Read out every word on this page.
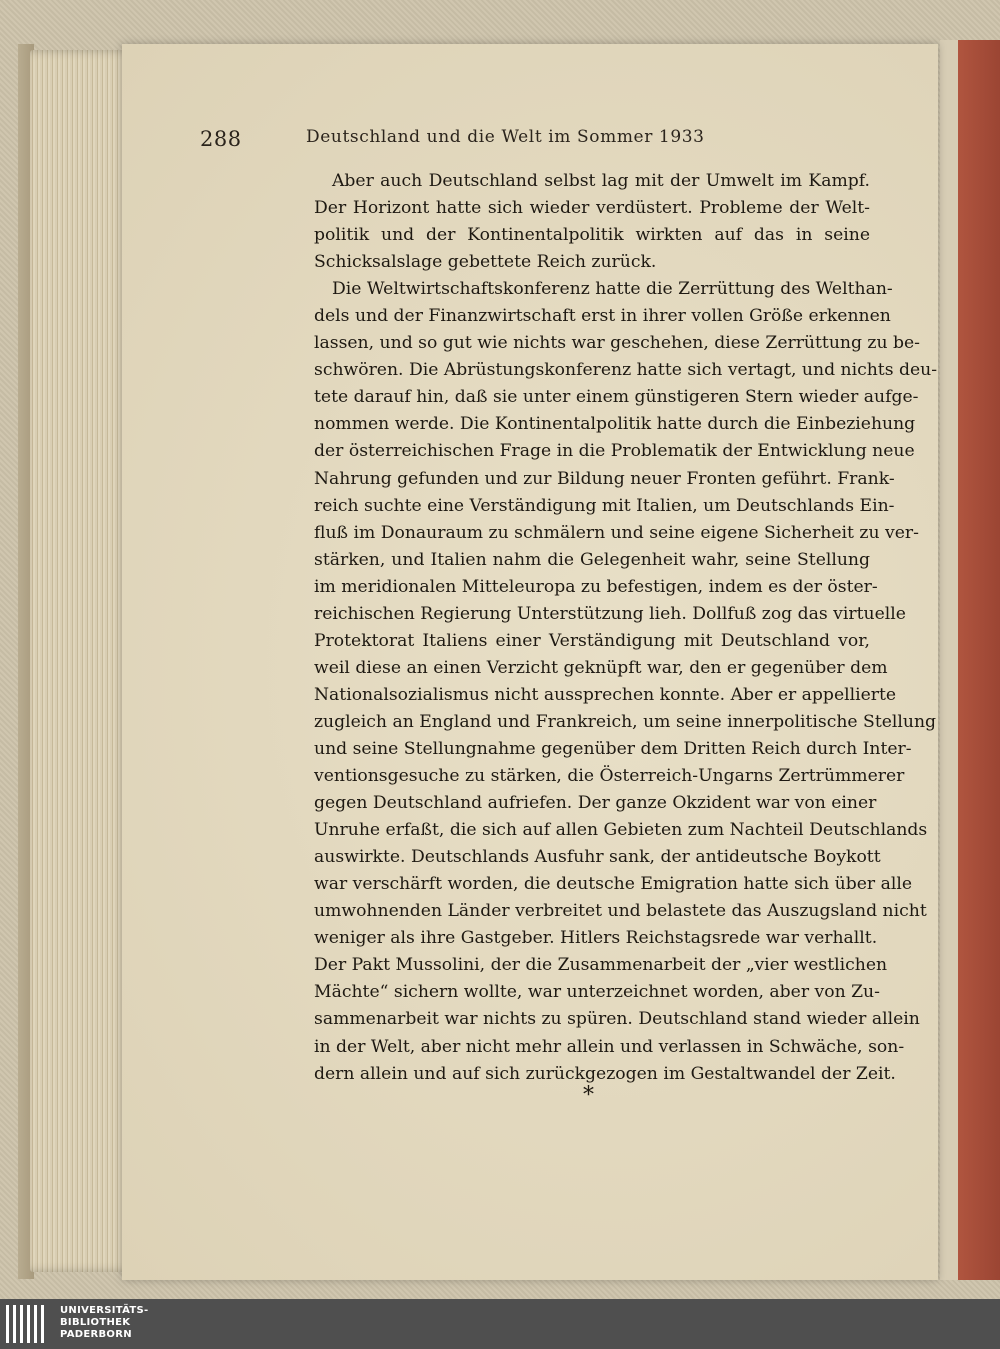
288	Deutschland und die Welt im Sommer 1933
Aber auch Deutschland selbst lag mit der Umwelt im Kampf.
Der Horizont hatte sich wieder verdüstert. Probleme der Welt-
politik und der Kontinentalpolitik wirkten auf das in seine
Schicksalslage gebettete Reich zurück.
Die Weltwirtschaftskonferenz hatte die Zerrüttung des Welthan-
dels und der Finanzwirtschaft erst in ihrer vollen Größe erkennen
lassen, und so gut wie nichts war geschehen, diese Zerrüttung zu be-
schwören. Die Abrüstungskonferenz hatte sich vertagt, und nichts deu-
tete darauf hin, daß sie unter einem günstigeren Stern wieder aufge-
nommen werde. Die Kontinentalpolitik hatte durch die Einbeziehung
der österreichischen Frage in die Problematik der Entwicklung neue
Nahrung gefunden und zur Bildung neuer Fronten geführt. Frank-
reich suchte eine Verständigung mit Italien, um Deutschlands Ein-
fluß im Donauraum zu schmälern und seine eigene Sicherheit zu ver-
stärken, und Italien nahm die Gelegenheit wahr, seine Stellung
im meridionalen Mitteleuropa zu befestigen, indem es der öster-
reichischen Regierung Unterstützung lieh. Dollfuß zog das virtuelle
Protektorat Italiens einer Verständigung mit Deutschland vor,
weil diese an einen Verzicht geknüpft war, den er gegenüber dem
Nationalsozialismus nicht aussprechen konnte. Aber er appellierte
zugleich an England und Frankreich, um seine innerpolitische Stellung
und seine Stellungnahme gegenüber dem Dritten Reich durch Inter-
ventionsgesuche zu stärken, die Österreich-Ungarns Zertrümmerer
gegen Deutschland aufriefen. Der ganze Okzident war von einer
Unruhe erfaßt, die sich auf allen Gebieten zum Nachteil Deutschlands
auswirkte. Deutschlands Ausfuhr sank, der antideutsche Boykott
war verschärft worden, die deutsche Emigration hatte sich über alle
umwohnenden Länder verbreitet und belastete das Auszugsland nicht
weniger als ihre Gastgeber. Hitlers Reichstagsrede war verhallt.
Der Pakt Mussolini, der die Zusammenarbeit der „vier westlichen
Mächte“ sichern wollte, war unterzeichnet worden, aber von Zu-
sammenarbeit war nichts zu spüren. Deutschland stand wieder allein
in der Welt, aber nicht mehr allein und verlassen in Schwäche, son-
dern allein und auf sich zurückgezogen im Gestaltwandel der Zeit.
*
UNIVERSITÄTS-
BIBLIOTHEK
PADERBORN
